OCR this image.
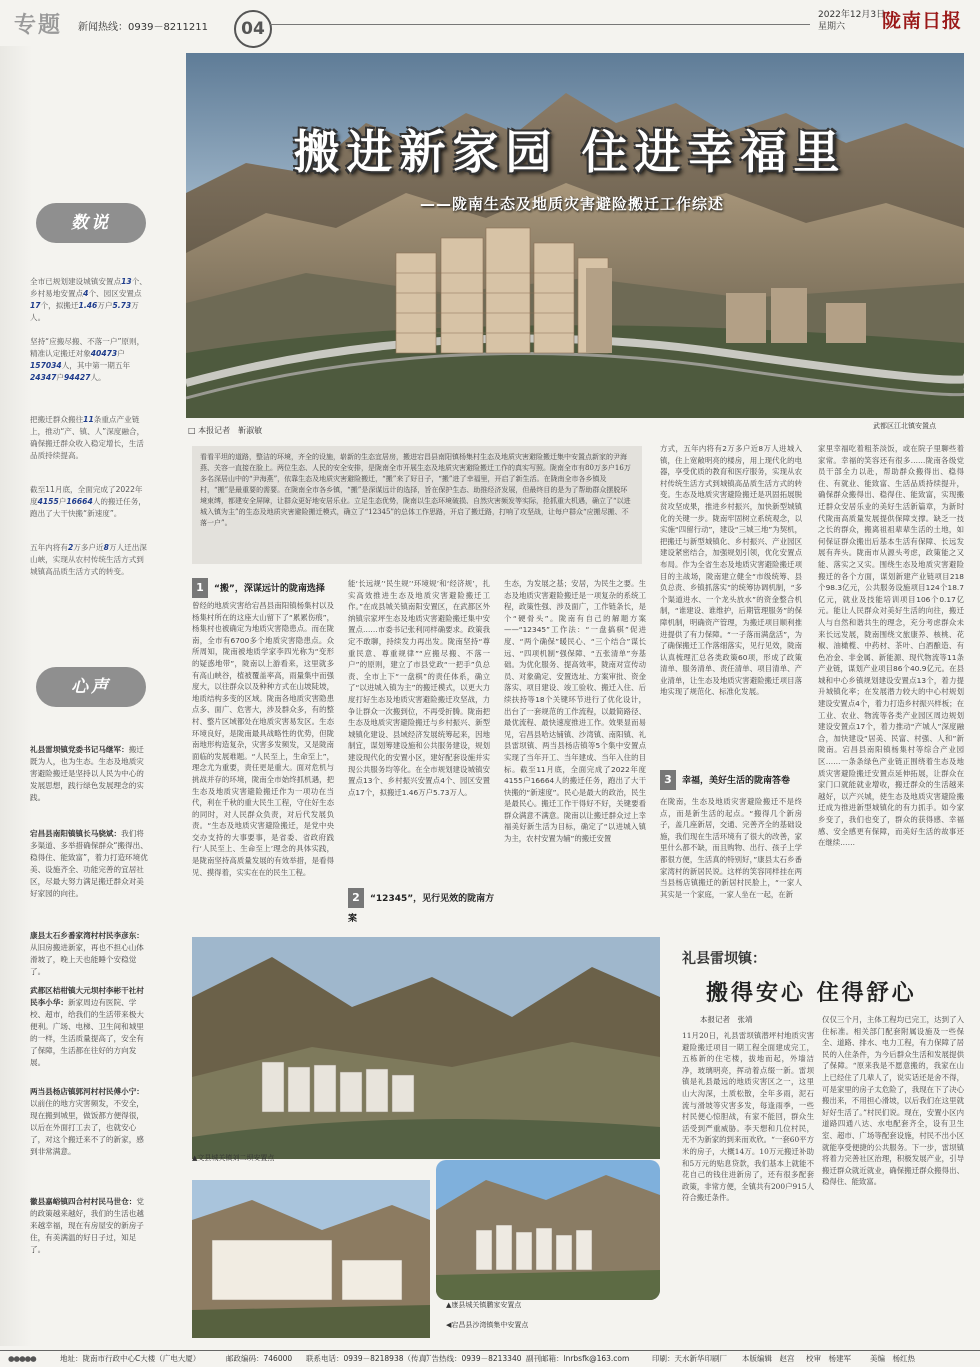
专题 新闻热线：0939－8211211	04
2022年12月3日
星期六	陇南日报
数说
全市已规划建设城镇安置点13个、乡村易地安置点4个、园区安置点17个，拟搬迁1.46万户5.73万人。
坚持“应搬尽搬、不落一户”原则，精准认定搬迁对象40473户157034人，其中第一期五年24347户94427人。
把搬迁群众搬往11条重点产业链上，推动“产、镇、人”深度融合，确保搬迁群众收入稳定增长，生活品质持续提高。
截至11月底，全面完成了2022年度4155户16664人的搬迁任务，跑出了大干快搬“新速度”。
五年内将有2万多户近8万人迁出深山峡，实现从农村传统生活方式到城镇高品质生活方式的转变。
心声
礼县雷坝镇党委书记马继军：搬迁既为人，也为生态。生态及地质灾害避险搬迁是坚持以人民为中心的发展思想，践行绿色发展理念的实践。
宕昌县南阳镇镇长马骁斌：我们将多渠道、多举措确保群众“搬得出、稳得住、能致富”，着力打造环境优美、设施齐全、功能完善的宜居社区，尽最大努力满足搬迁群众对美好家园的向往。
康县太石乡番家湾村村民李彦东：从旧房搬进新家，再也不担心山体滑坡了，晚上天也能睡个安稳觉了。
武都区桔柑镇大元坝村李彬干社村民李小华：新家周边有医院、学校、超市，给我们的生活带来极大便利。广场、电梯、卫生间和城里的一样，生活质量提高了，安全有了保障，生活都在往好的方向发展。
两当县杨店镇郭河村村民傅小宁：以前住的地方灾害频发，不安全，现在搬到城里，做饭都方便得很，以后在外面打工去了，也就安心了，对这个搬迁来不了的新家，感到非常满意。
徽县嘉峪镇四合村村民马世仓：党的政策越来越好，我们的生活也越来越幸福，现在有房屋安的新房子住，有美满温的好日子过，知足了。
搬进新家园 住进幸福里
——陇南生态及地质灾害避险搬迁工作综述
武都区江北镇安置点
□ 本报记者　靳淑敏
看看平坦的道路，整洁的环境，齐全的设施，崭新的生态宜居房，搬进宕昌县南阳镇杨集村生态及地质灾害避险搬迁集中安置点新家的尹海燕、关容一直接在脸上。两位生态、人民的安全安排，是陇南全市开展生态及地质灾害避险搬迁工作的真实写照。陇南全市有80万多户16万多名深居山中的“尹海燕”，依靠生态及地质灾害避险搬迁，“搬”来了好日子，“搬”进了幸福里，开启了新生活。在陇南全市各乡镇及村，“搬”是最重要的需要。在陇南全市各乡镇，“搬”是深谋远计的选择，旨在保护生态、助推经济发展，但最终目的是为了帮助群众摆脱环境束缚，都建安全屏障，让群众更好地安居乐业。立足生态优势，陇南以生态环境破损、自然灾害频发等实际，抢抓重大机遇，确立了“以进城入镇为主”的生态及地质灾害避险搬迁模式，确立了“12345”的总体工作思路，开启了搬迁路，打响了攻坚战，让每户群众“应搬尽搬、不落一户”。
1 “搬”，深谋远计的陇南选择
2 “12345”，见行见效的陇南方案
3 幸福，美好生活的陇南答卷
曾经的地质灾害给宕昌县南阳镇杨集村以及杨集村所在的这座大山留下了“累累伤痕”，杨集村也被确定为地质灾害隐患点。而在陇南，全市有6700多个地质灾害隐患点。众所周知，陇南被地质学家李四光称为“变形的疑惑地带”，陇南以上游看来，这里就多有高山峡谷，植被覆盖率高，雨量集中而强度大，以往群众以及种种方式在山坡陡坡，地质结构多变的区域。陇南各地质灾害隐患点多、面广、危害大，涉及群众多，有的整村、整片区域都处在地质灾害易发区。生态环境良好，是陇南最具战略性的优势，但陇南地形构造复杂，灾害多发频发，又是陇南面临的发展难题。“人民至上，生命至上”，理念尤为重要，责任更是重大。面对危机与挑战并存的环境，陇南全市始终抓机遇，把生态及地质灾害避险搬迁作为一项功在当代，利在千秋的重大民生工程，守住好生态的同时，对人民群众负责，对后代发展负责。“生态及地质灾害避险搬迁，是党中央交办支持的大事要事，是省委、省政府践行‘人民至上、生命至上’理念的具体实践，是陇南坚持高质量发展的有效举措，是看得见、摸得着，实实在在的民生工程。
能‘长远规’‘民生规’‘环境规’和‘经济规’，扎实高效推进生态及地质灾害避险搬迁工作。”在成县城关镇南阳安置区，在武都区外纳镇宗家坪生态及地质灾害避险搬迁集中安置点……市委书记张利同样确要求。政策我定不敢聊，持续发力再出发。陇南坚持“尊重民意、尊重规律”“应搬尽搬、不落一户”的原则，建立了市县党政“一把手”负总责、全市上下“一盘棋”的责任体系，确立了“以进城入镇为主”的搬迁模式，以更大力度打好生态及地质灾害避险搬迁攻坚战，力争让群众一次搬到位，不再受折腾。陇南把生态及地质灾害避险搬迁与乡村振兴、新型城镇化建设、县域经济发展统筹起来，因地制宜，谋划筹建设施和公共服务建设，规划建设现代化的安置小区，建好配套设施并实现公共服务均等化。在全市规划建设城镇安置点13个、乡村振兴安置点4个、园区安置点17个，拟搬迁1.46万户5.73万人。
生态，为发展之基；安居，为民生之要。生态及地质灾害避险搬迁是一项复杂的系统工程，政策性强、涉及面广，工作链条长，是个“硬骨头”。陇南有自己的解题方案——“12345”工作法：“一盘搞棋”促进度、“两个确保”暖民心、“三个结合”谋长远、“四项机制”强保障、“五张清单”夯基础。为优化服务、提高效率，陇南对宣传动员、对象确定、安置选址、方案审批、资金落实、项目建设、竣工验收、搬迁入住、后续扶持等18个关键环节进行了优化设计，出台了一套规范的工作流程，以最简路径、最优流程、最快速度推进工作。效果显而易见，宕昌县哈达铺镇、沙湾镇、南阳镇、礼县雷坝镇、两当县杨店镇等5个集中安置点实现了当年开工、当年建成、当年入住的目标。截至11月底，全面完成了2022年度4155户16664人的搬迁任务，跑出了大干快搬的“新速度”。民心是最大的政治，民生是最民心。搬迁工作干得好不好，关键要看群众满意不满意。陇南以让搬迁群众过上幸福美好新生活为目标，确定了“以进城入镇为主，农村安置为辅”的搬迁安置
方式，五年内将有2万多户近8万人进城入镇，住上宽敞明亮的楼房，用上现代化的电器，享受优质的教育和医疗服务，实现从农村传统生活方式到城镇高品质生活方式的转变。生态及地质灾害避险搬迁是巩固拓展脱贫攻坚成果，推进乡村振兴，加快新型城镇化的关键一步。陇南牢固树立系统观念，以实施“四留行动”，建设“三城三地”为契机，把搬迁与新型城镇化、乡村振兴、产业园区建设紧密结合，加强规划引领，优化安置点布局。作为全省生态及地质灾害避险搬迁项目的主战场，陇南建立健全“市级统筹、县负总责、乡镇抓落实”的统筹协调机制，“多个渠道进水、一个龙头放水”的资金整合机制，“谁建设、谁维护，后期管理服务”的保障机制，明确资产管理，为搬迁项目顺利推进提供了有力保障。“一子落而满盘活”，为了确保搬迁工作落细落实，见行见效，陇南认真梳理汇总各类政策60项，形成了政策清单、服务清单、责任清单、项目清单、产业清单，让生态及地质灾害避险搬迁项目落地实现了规范化、标准化发展。
在陇南，生态及地质灾害避险搬迁不是终点，而是新生活的起点。“搬得几个新房子，盖几座新居，交通、完善齐全的基础设施，我们现在生活环境有了很大的改善，家里什么都不缺，而且购物、出行、孩子上学都很方便，生活真的特别好，”康县太石乡番家湾村的新居民说。这样的笑容同样挂在两当县杨店镇搬迁的新居村民脸上，“一家人其实是一个家庭，一家人坐在一起，在新
家里幸福吃着粗茶淡饭，或在院子里聊些着家常。幸福的笑容还有很多……陇南各级党员干部全力以赴，帮助群众搬得出、稳得住、有就业、能致富、生活品质持续提升，确保群众搬得出、稳得住、能致富，实现搬迁群众安居乐业的美好生活新篇章，为新时代陇南高质量发展提供保障支撑。缺乏一技之长的群众，搬离祖祖辈辈生活的土地，如何保证群众搬出后基本生活有保障、长远发展有奔头。陇南市从源头考虑，政策能之又能、落实之又实。围绕生态及地质灾害避险搬迁的各个方面，谋划新建产业链项目218个98.3亿元，公共服务设施项目124个18.7亿元，就业及技能培训项目106个0.17亿元。能让人民群众对美好生活的向往，搬迁人与自然和谐共生的理念，充分考虑群众未来长远发展，陇南围绕文旅康养、核桃、花椒、油橄榄、中药材、茶叶、白酒酿造、有色冶金、非金属、新能源、现代物流等11条产业链，谋划产业项目86个40.9亿元。在县城和中心乡镇规划建设安置点13个，着力提升城镇化率；在发展潜力较大的中心村规划建设安置点4个，着力打造乡村振兴样板；在工业、农业、物流等各类产业园区周边规划建设安置点17个，着力推动“产城人”深度融合，加快建设“居美、民富、村强、人和”新陇南。宕昌县南阳镇杨集村等综合产业园区……一条条绿色产业链正围绕着生态及地质灾害避险搬迁安置点延伸拓展，让群众在家门口就能就业增收，搬迁群众的生活越来越好，以产兴城，使生态及地质灾害避险搬迁成为推进新型城镇化的有力抓手。如今家乡变了，我们也变了，群众的获得感、幸福感、安全感更有保障，而美好生活的故事还在继续……
▲文县城关镇刘二坝安置点
▲康县城关镇鹏家安置点
◀宕昌县沙湾镇集中安置点
礼县雷坝镇：
搬得安心 住得舒心
本报记者　张靖
11月20日，礼县雷坝镇潜坪村地质灾害避险搬迁项目一期工程全面建成完工，五栋新的住宅楼，拔地而起，外墙洁净，玻璃明亮，挥动着点缀一新。雷坝镇是礼县最远的地质灾害区之一，这里山大沟深，土质松散，全年多雨，泥石流与滑坡等灾害多发，每逢雨季，一些村民便心惊胆战，有家不能回，群众生活受到严重威胁。李天想和几位村民，无不为新家的到来而欢欣。“一套60平方米的房子，大概14万。10万元搬迁补助和5万元的贴息贷款，我们基本上就能不花自己的钱住进新房了，还有很多配套政策，非常方便，全镇共有200户915人符合搬迁条件。
仅仅三个月，主体工程均已完工，达到了入住标准。相关部门配套附属设施及一些保全、道路、排水、电力工程，有力保障了居民的入住条件，为今后群众生活和发展提供了保障。“原来我是不愿意搬的，我家在山上已经住了几辈人了，说实话还是舍不得，可是家里的房子太危险了，我现在下了决心搬出来，不用担心滑坡，以后我们在这里就好好生活了。”村民们说。现在，安置小区内道路四通八达、水电配套齐全，设有卫生室、超市、广场等配套设施，村民不出小区就能享受便捷的公共服务。下一步，雷坝镇将着力完善社区治理，积极发展产业，引导搬迁群众就近就业，确保搬迁群众搬得出、稳得住、能致富。
●●●●●	地址：陇南市行政中心C大楼（广电大厦）	邮政编码：746000 联系电话：0939－8218938（传真）
广告热线：0939－8213340 副刊邮箱：lnrbsfk@163.com	印刷：天水新华印刷厂 本版编辑　赵宫 校审　杨建军	美编　杨红热
